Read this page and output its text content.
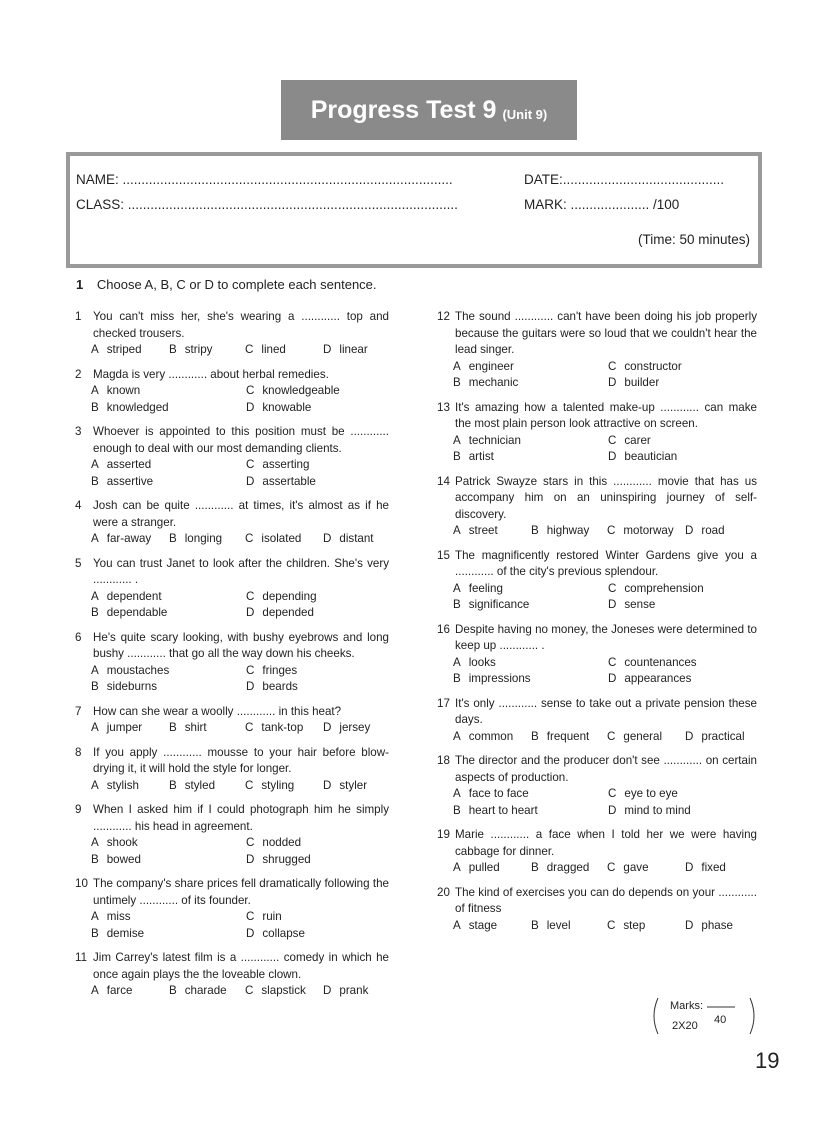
Progress Test 9 (Unit 9)
NAME: ........................................................................................	DATE:...........................................
CLASS: ........................................................................................	MARK: ..................... /100
(Time: 50 minutes)
1 Choose A, B, C or D to complete each sentence.
1 You can't miss her, she's wearing a ............ top and checked trousers.
A striped	B stripy	C lined	D linear
2 Magda is very ............ about herbal remedies.
A known	C knowledgeable
B knowledged	D knowable
3 Whoever is appointed to this position must be ............ enough to deal with our most demanding clients.
A asserted	C asserting
B assertive	D assertable
4 Josh can be quite ............ at times, it's almost as if he were a stranger.
A far-away	B longing	C isolated	D distant
5 You can trust Janet to look after the children. She's very ............ .
A dependent	C depending
B dependable	D depended
6 He's quite scary looking, with bushy eyebrows and long bushy ............ that go all the way down his cheeks.
A moustaches	C fringes
B sideburns	D beards
7 How can she wear a woolly ............ in this heat?
A jumper	B shirt	C tank-top	D jersey
8 If you apply ............ mousse to your hair before blow-drying it, it will hold the style for longer.
A stylish	B styled	C styling	D styler
9 When I asked him if I could photograph him he simply ............ his head in agreement.
A shook	C nodded
B bowed	D shrugged
10 The company's share prices fell dramatically following the untimely ............ of its founder.
A miss	C ruin
B demise	D collapse
11 Jim Carrey's latest film is a ............ comedy in which he once again plays the the loveable clown.
A farce	B charade	C slapstick	D prank
12 The sound ............ can't have been doing his job properly because the guitars were so loud that we couldn't hear the lead singer.
A engineer	C constructor
B mechanic	D builder
13 It's amazing how a talented make-up ............ can make the most plain person look attractive on screen.
A technician	C carer
B artist	D beautician
14 Patrick Swayze stars in this ............ movie that has us accompany him on an uninspiring journey of self-discovery.
A street	B highway	C motorway D road
15 The magnificently restored Winter Gardens give you a ............ of the city's previous splendour.
A feeling	C comprehension
B significance	D sense
16 Despite having no money, the Joneses were determined to keep up ............ .
A looks	C countenances
B impressions	D appearances
17 It's only ............ sense to take out a private pension these days.
A common	B frequent	C general	D practical
18 The director and the producer don't see ............ on certain aspects of production.
A face to face	C eye to eye
B heart to heart	D mind to mind
19 Marie ............ a face when I told her we were having cabbage for dinner.
A pulled	B dragged	C gave	D fixed
20 The kind of exercises you can do depends on your ............ of fitness
A stage	B level	C step	D phase
Marks:
2X20 40
19
